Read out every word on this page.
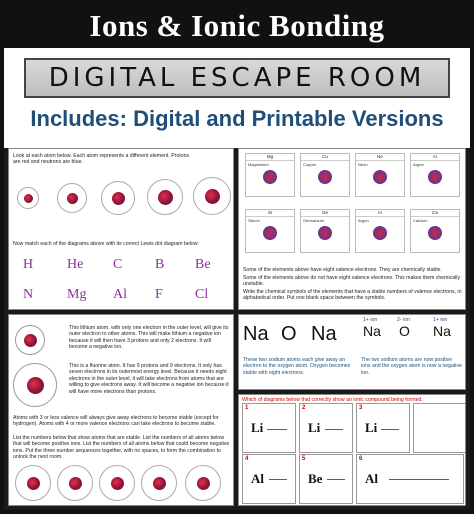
Ions & Ionic Bonding
DIGITAL ESCAPE ROOM
Includes: Digital and Printable Versions
Look at each atom below. Each atom represents a different element. Protons are red and neutrons are blue.
Now match each of the diagrams above with its correct Lewis dot diagram below:
H He C B Be
N Mg Al F Cl
Mg
Magnesium
Cu
Copper
Ne
Neon
Ar
Argon
Si
Silicon
Ge
Germanium
Ar
Argon
Ca
Calcium
Some of the elements above have eight valence electrons. They are chemically stable.
Some of the elements above do not have eight valence electrons. This makes them chemically unstable.
Write the chemical symbols of the elements that have a stable numbers of valence electrons, in alphabetical order. Put one blank space between the symbols.
This lithium atom, with only one electron in the outer level, will give its outer electron to other atoms. This will make lithium a negative ion because it will then have 3 protons and only 2 electrons. It will become a negative ion.
This is a fluorine atom. It has 9 protons and 9 electrons. It only has seven electrons in its outermost energy level. Because it needs eight electrons in the outer level, it will take electrons from atoms that are willing to give electrons away. It will become a negative ion because it will have more electrons than protons.
Atoms with 3 or less valence will always give away electrons to become stable (except for hydrogen). Atoms with 4 or more valence electrons can take electrons to become stable.
List the numbers below that show atoms that are stable. List the numbers of all atoms below that will become positive ions. List the numbers of all atoms below that could become negative ions. Put the three number sequences together, with no spaces, to form the combination to unlock the next room.
Na O Na Na O Na
1+ ion	2- ion	1+ ion
These two sodium atoms each give away an electron to the oxygen atom. Oxygen becomes stable with eight electrons.
The two sodium atoms are now positive ions and the oxygen atom is now a negative ion.
Which of diagrams below that correctly show an ionic compound being formed.
1
Li
2
Li
3
Li
4
Al
5
Be
6
Al
